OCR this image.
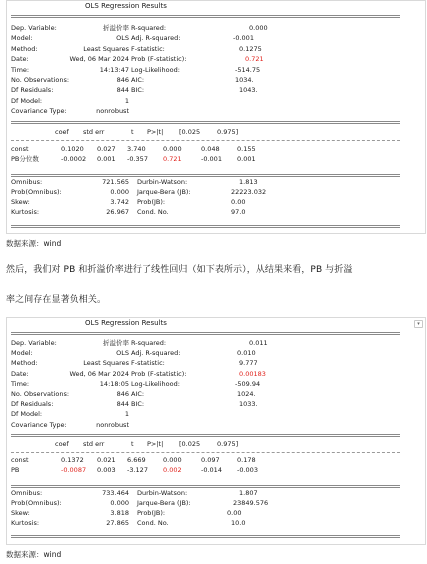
OLS Regression Results
Dep. Variable:	折溢价率 R-squared:	0.000
Model:	OLS Adj. R-squared:	-0.001
Method:	Least Squares F-statistic:	0.1275
Date:	Wed, 06 Mar 2024 Prob (F-statistic):	0.721
Time:	14:13:47 Log-Likelihood:	-514.75
No. Observations:	846 AIC:	1034.
Df Residuals:	844 BIC:	1043.
Df Model:	1
Covariance Type:	nonrobust
coef std err	t P>|t| [0.025	0.975]
const	0.1020 0.027 3.740	0.000	0.048	0.155
PB分位数	-0.0002 0.001 -0.357 0.721	-0.001 0.001
Omnibus:	721.565 Durbin-Watson:	1.813
Prob(Omnibus):	0.000 Jarque-Bera (JB):	22223.032
Skew:	3.742 Prob(JB):	0.00
Kurtosis:	26.967 Cond. No.	97.0
数据来源：wind
然后，我们对 PB 和折溢价率进行了线性回归（如下表所示），从结果来看，PB 与折溢
率之间存在显著负相关。
OLS Regression Results	▾
Dep. Variable:	折溢价率 R-squared:	0.011
Model:	OLS Adj. R-squared:	0.010
Method:	Least Squares F-statistic:	9.777
Date:	Wed, 06 Mar 2024 Prob (F-statistic):	0.00183
Time:	14:18:05 Log-Likelihood:	-509.94
No. Observations:	846 AIC:	1024.
Df Residuals:	844 BIC:	1033.
Df Model:	1
Covariance Type:	nonrobust
coef std err	t P>|t| [0.025	0.975]
const	0.1372 0.021 6.669	0.000	0.097	0.178
PB	-0.0087 0.003 -3.127 0.002	-0.014 -0.003
Omnibus:	733.464 Durbin-Watson:	1.807
Prob(Omnibus):	0.000 Jarque-Bera (JB):	23849.576
Skew:	3.818 Prob(JB):	0.00
Kurtosis:	27.865 Cond. No.	10.0
数据来源：wind
